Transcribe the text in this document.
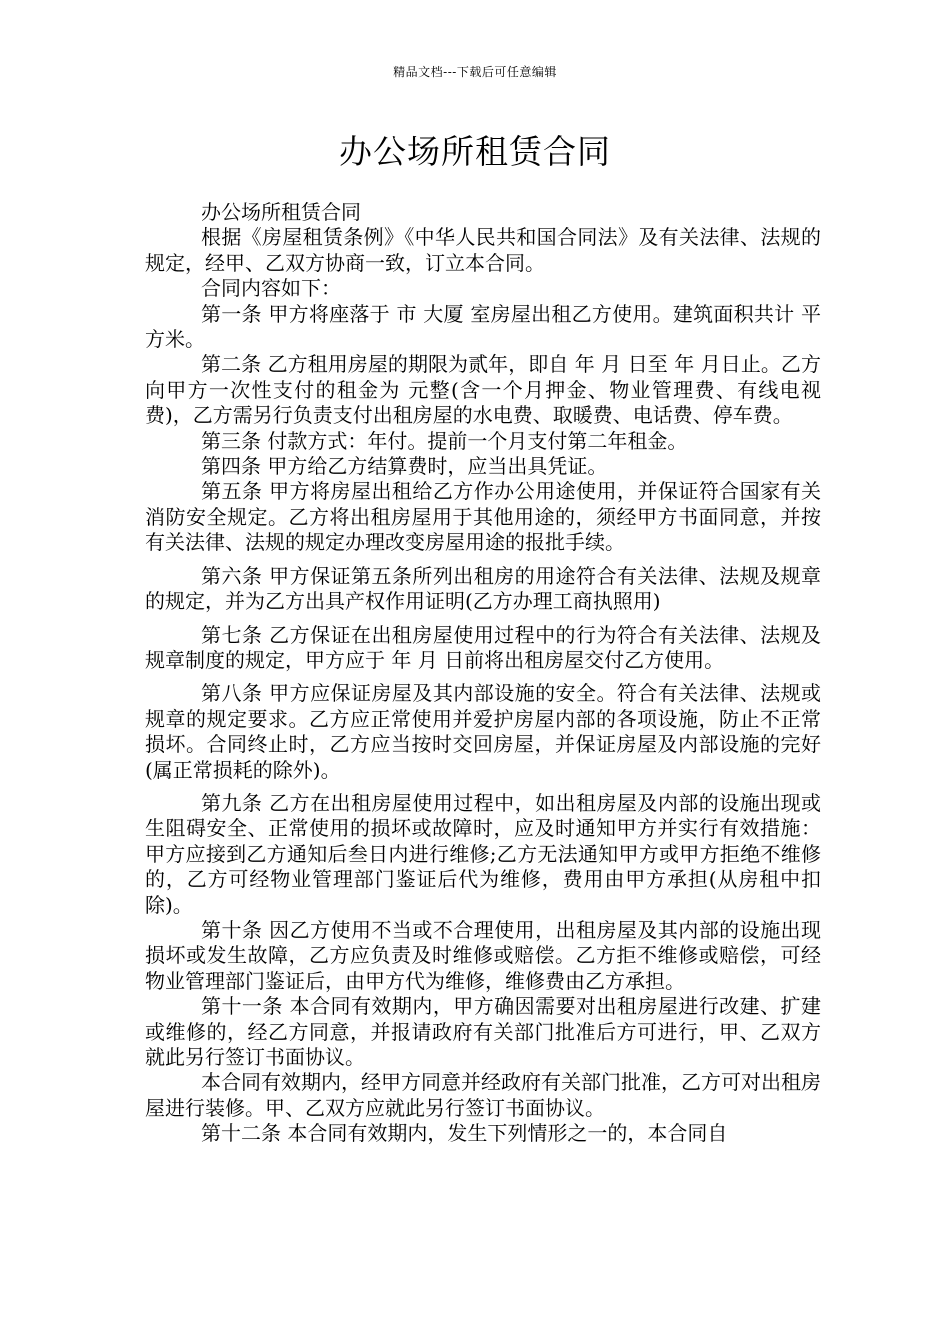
精品文档---下载后可任意编辑
办公场所租赁合同

办公场所租赁合同

根据《房屋租赁条例》《中华人民共和国合同法》及有关法律、法规的规定，经甲、乙双方协商一致，订立本合同。

合同内容如下：

第一条 甲方将座落于 市 大厦 室房屋出租乙方使用。建筑面积共计 平方米。

第二条 乙方租用房屋的期限为贰年，即自 年 月 日至 年 月日止。乙方向甲方一次性支付的租金为 元整(含一个月押金、物业管理费、有线电视费)，乙方需另行负责支付出租房屋的水电费、取暖费、电话费、停车费。

第三条 付款方式：年付。提前一个月支付第二年租金。

第四条 甲方给乙方结算费时，应当出具凭证。

第五条 甲方将房屋出租给乙方作办公用途使用，并保证符合国家有关消防安全规定。乙方将出租房屋用于其他用途的，须经甲方书面同意，并按有关法律、法规的规定办理改变房屋用途的报批手续。

第六条 甲方保证第五条所列出租房的用途符合有关法律、法规及规章的规定，并为乙方出具产权作用证明(乙方办理工商执照用)

第七条 乙方保证在出租房屋使用过程中的行为符合有关法律、法规及规章制度的规定，甲方应于 年 月 日前将出租房屋交付乙方使用。

第八条 甲方应保证房屋及其内部设施的安全。符合有关法律、法规或规章的规定要求。乙方应正常使用并爱护房屋内部的各项设施，防止不正常损坏。合同终止时，乙方应当按时交回房屋，并保证房屋及内部设施的完好(属正常损耗的除外)。

第九条 乙方在出租房屋使用过程中，如出租房屋及内部的设施出现或生阻碍安全、正常使用的损坏或故障时，应及时通知甲方并实行有效措施：甲方应接到乙方通知后叁日内进行维修;乙方无法通知甲方或甲方拒绝不维修的，乙方可经物业管理部门鉴证后代为维修，费用由甲方承担(从房租中扣除)。

第十条 因乙方使用不当或不合理使用，出租房屋及其内部的设施出现损坏或发生故障，乙方应负责及时维修或赔偿。乙方拒不维修或赔偿，可经物业管理部门鉴证后，由甲方代为维修，维修费由乙方承担。

第十一条 本合同有效期内，甲方确因需要对出租房屋进行改建、扩建或维修的，经乙方同意，并报请政府有关部门批准后方可进行，甲、乙双方就此另行签订书面协议。

本合同有效期内，经甲方同意并经政府有关部门批准，乙方可对出租房屋进行装修。甲、乙双方应就此另行签订书面协议。

第十二条 本合同有效期内，发生下列情形之一的，本合同自
